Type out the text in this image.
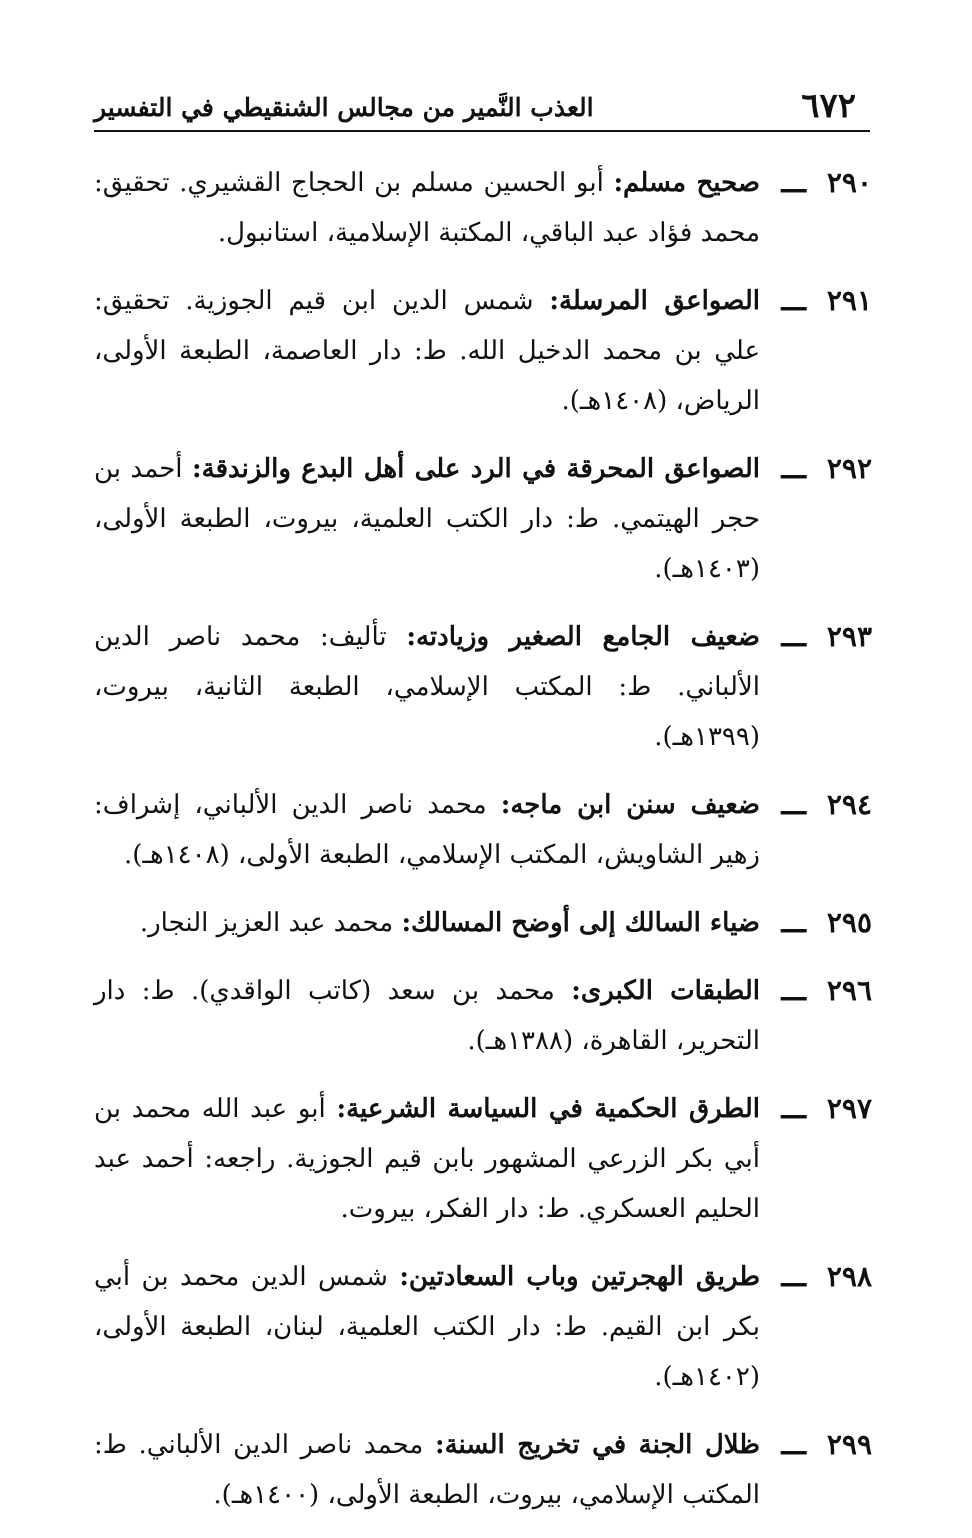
٦٧٢
العذب النَّمير من مجالس الشنقيطي في التفسير
٢٩٠
ـــ
صحيح مسلم: أبو الحسين مسلم بن الحجاج القشيري. تحقيق: محمد فؤاد عبد الباقي، المكتبة الإسلامية، استانبول.
٢٩١
ـــ
الصواعق المرسلة: شمس الدين ابن قيم الجوزية. تحقيق: علي بن محمد الدخيل الله. ط: دار العاصمة، الطبعة الأولى، الرياض، (١٤٠٨هـ).
٢٩٢
ـــ
الصواعق المحرقة في الرد على أهل البدع والزندقة: أحمد بن حجر الهيتمي. ط: دار الكتب العلمية، بيروت، الطبعة الأولى، (١٤٠٣هـ).
٢٩٣
ـــ
ضعيف الجامع الصغير وزيادته: تأليف: محمد ناصر الدين الألباني. ط: المكتب الإسلامي، الطبعة الثانية، بيروت، (١٣٩٩هـ).
٢٩٤
ـــ
ضعيف سنن ابن ماجه: محمد ناصر الدين الألباني، إشراف: زهير الشاويش، المكتب الإسلامي، الطبعة الأولى، (١٤٠٨هـ).
٢٩٥
ـــ
ضياء السالك إلى أوضح المسالك: محمد عبد العزيز النجار.
٢٩٦
ـــ
الطبقات الكبرى: محمد بن سعد (كاتب الواقدي). ط: دار التحرير، القاهرة، (١٣٨٨هـ).
٢٩٧
ـــ
الطرق الحكمية في السياسة الشرعية: أبو عبد الله محمد بن أبي بكر الزرعي المشهور بابن قيم الجوزية. راجعه: أحمد عبد الحليم العسكري. ط: دار الفكر، بيروت.
٢٩٨
ـــ
طريق الهجرتين وباب السعادتين: شمس الدين محمد بن أبي بكر ابن القيم. ط: دار الكتب العلمية، لبنان، الطبعة الأولى، (١٤٠٢هـ).
٢٩٩
ـــ
ظلال الجنة في تخريج السنة: محمد ناصر الدين الألباني. ط: المكتب الإسلامي، بيروت، الطبعة الأولى، (١٤٠٠هـ).
